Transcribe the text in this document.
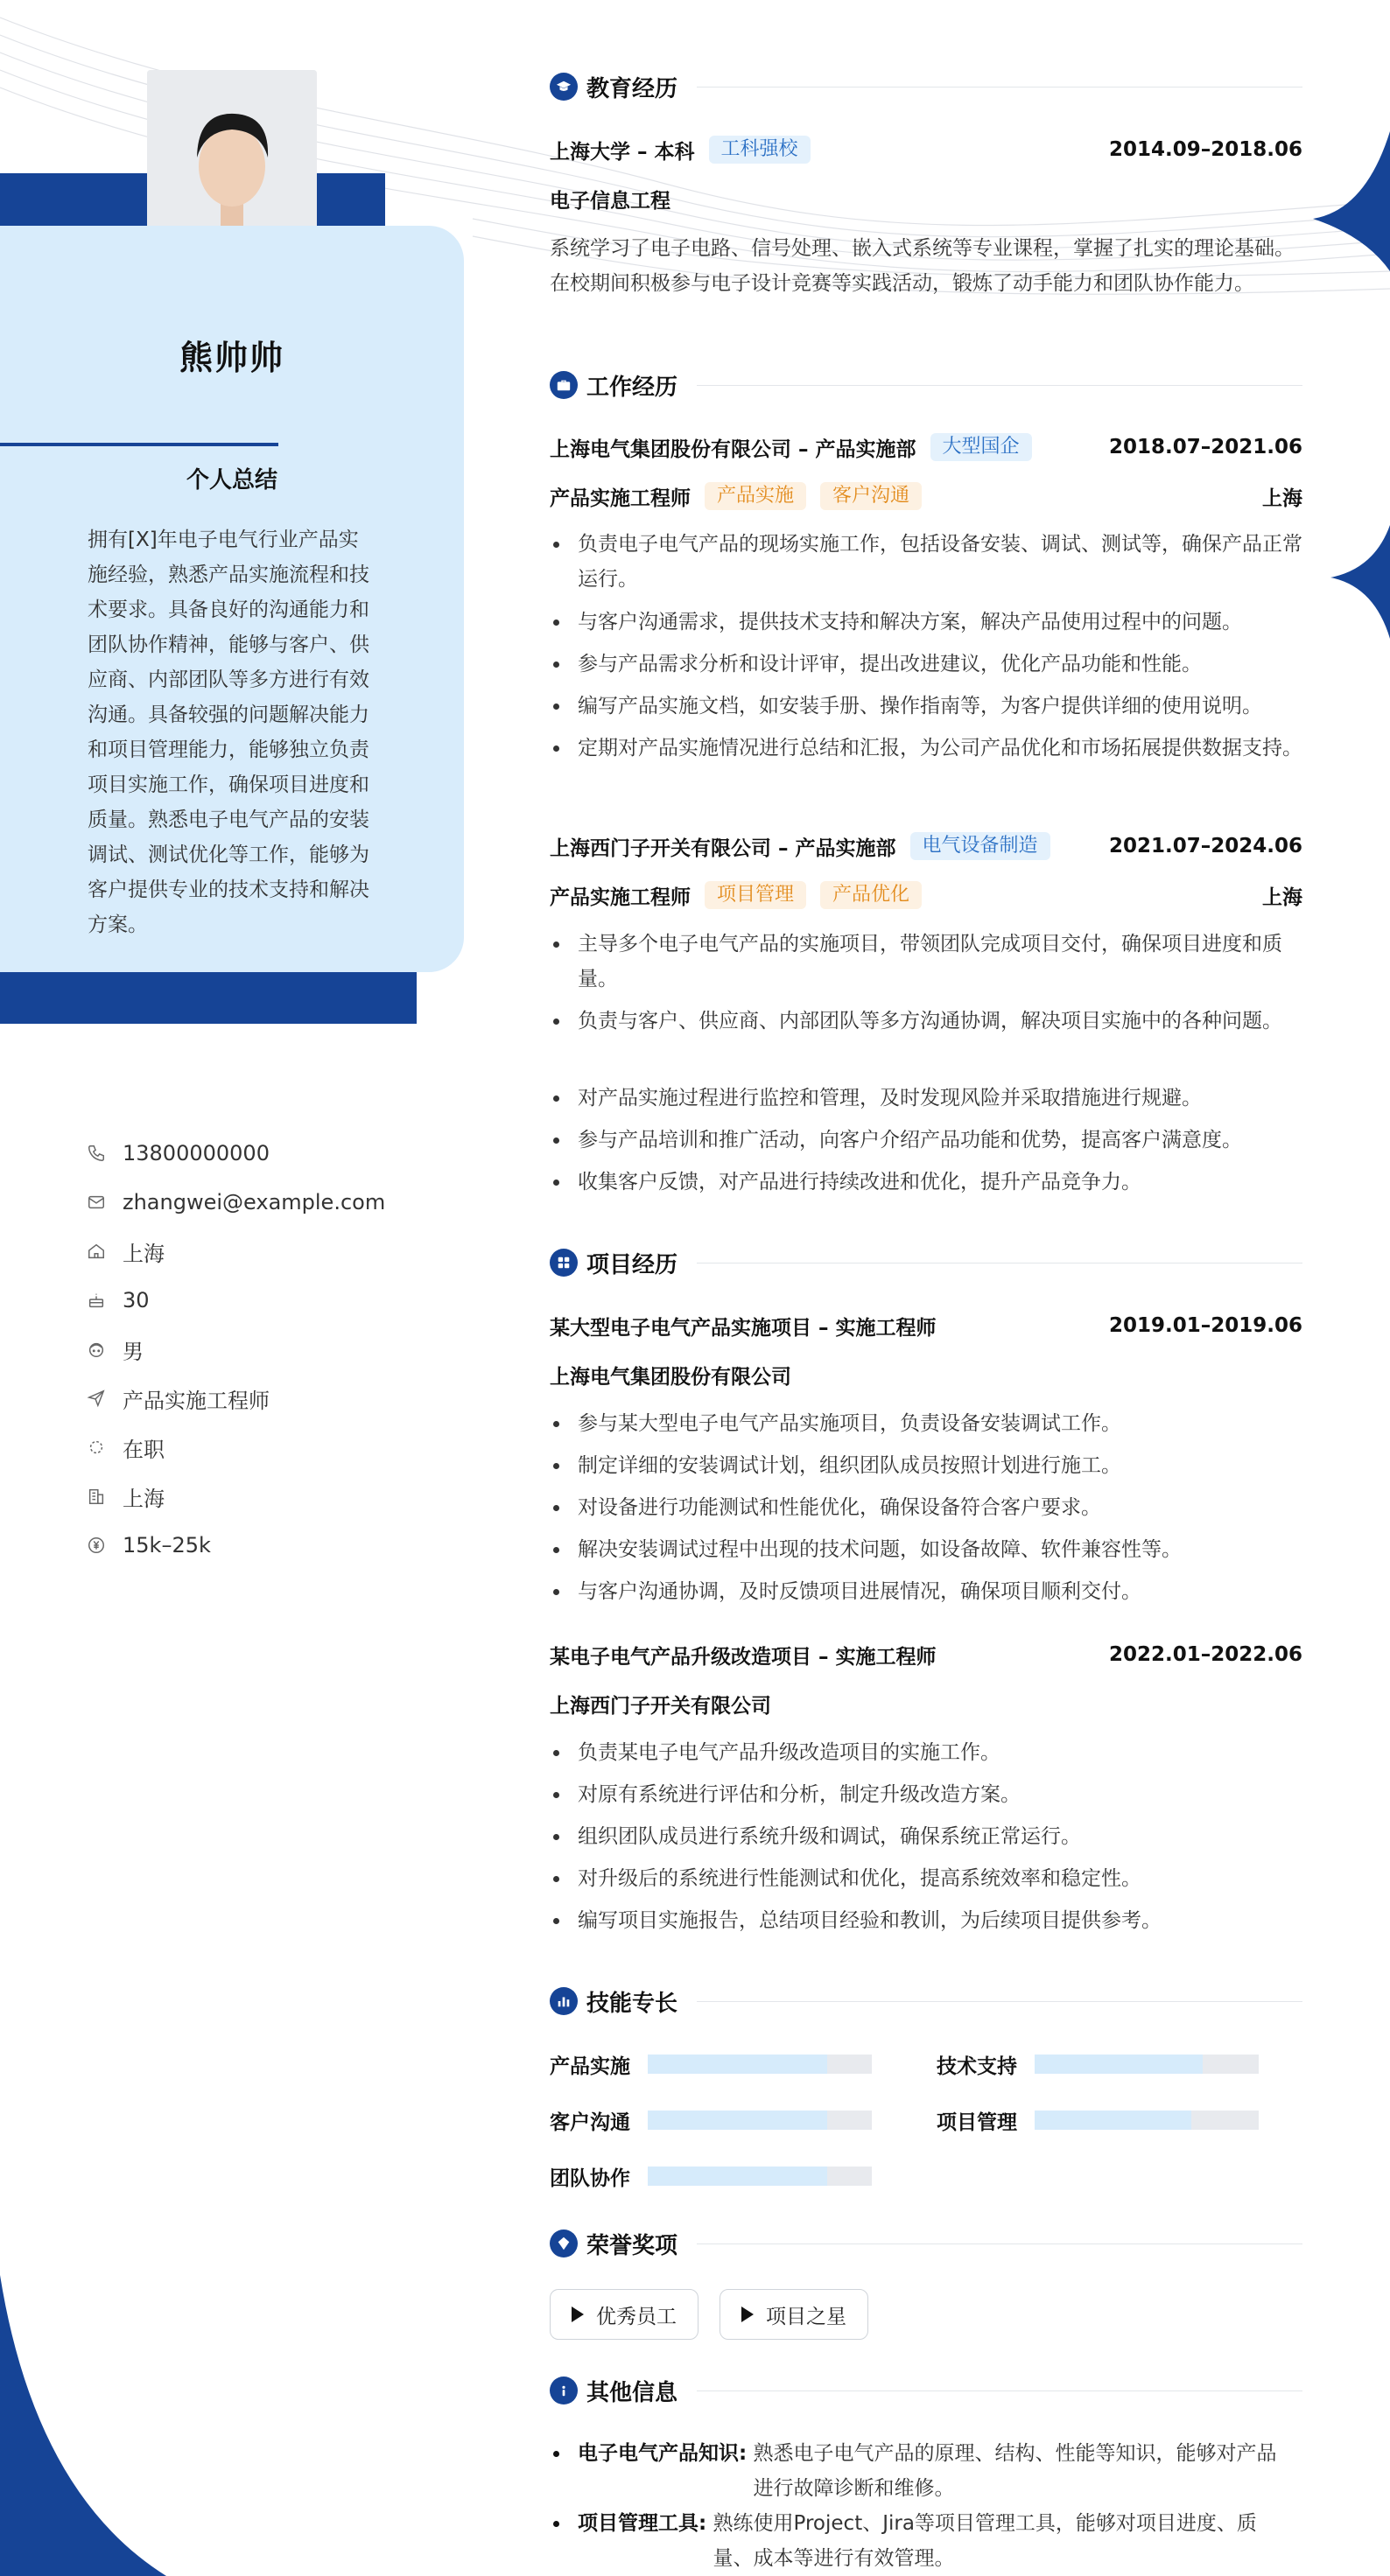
熊帅帅
个人总结
拥有[X]年电子电气行业产品实施经验，熟悉产品实施流程和技术要求。具备良好的沟通能力和团队协作精神，能够与客户、供应商、内部团队等多方进行有效沟通。具备较强的问题解决能力和项目管理能力，能够独立负责项目实施工作，确保项目进度和质量。熟悉电子电气产品的安装调试、测试优化等工作，能够为客户提供专业的技术支持和解决方案。
13800000000
zhangwei@example.com
上海
30
男
产品实施工程师
在职
上海
15k–25k
教育经历
上海大学 – 本科	工科强校	2014.09–2018.06
电子信息工程
系统学习了电子电路、信号处理、嵌入式系统等专业课程，掌握了扎实的理论基础。在校期间积极参与电子设计竞赛等实践活动，锻炼了动手能力和团队协作能力。
工作经历
上海电气集团股份有限公司 – 产品实施部	大型国企	2018.07–2021.06
产品实施工程师	产品实施	客户沟通	上海
负责电子电气产品的现场实施工作，包括设备安装、调试、测试等，确保产品正常运行。
与客户沟通需求，提供技术支持和解决方案，解决产品使用过程中的问题。
参与产品需求分析和设计评审，提出改进建议，优化产品功能和性能。
编写产品实施文档，如安装手册、操作指南等，为客户提供详细的使用说明。
定期对产品实施情况进行总结和汇报，为公司产品优化和市场拓展提供数据支持。
上海西门子开关有限公司 – 产品实施部	电气设备制造	2021.07–2024.06
产品实施工程师	项目管理	产品优化	上海
主导多个电子电气产品的实施项目，带领团队完成项目交付，确保项目进度和质量。
负责与客户、供应商、内部团队等多方沟通协调，解决项目实施中的各种问题。
对产品实施过程进行监控和管理，及时发现风险并采取措施进行规避。
参与产品培训和推广活动，向客户介绍产品功能和优势，提高客户满意度。
收集客户反馈，对产品进行持续改进和优化，提升产品竞争力。
项目经历
某大型电子电气产品实施项目 – 实施工程师	2019.01–2019.06
上海电气集团股份有限公司
参与某大型电子电气产品实施项目，负责设备安装调试工作。
制定详细的安装调试计划，组织团队成员按照计划进行施工。
对设备进行功能测试和性能优化，确保设备符合客户要求。
解决安装调试过程中出现的技术问题，如设备故障、软件兼容性等。
与客户沟通协调，及时反馈项目进展情况，确保项目顺利交付。
某电子电气产品升级改造项目 – 实施工程师	2022.01–2022.06
上海西门子开关有限公司
负责某电子电气产品升级改造项目的实施工作。
对原有系统进行评估和分析，制定升级改造方案。
组织团队成员进行系统升级和调试，确保系统正常运行。
对升级后的系统进行性能测试和优化，提高系统效率和稳定性。
编写项目实施报告，总结项目经验和教训，为后续项目提供参考。
技能专长
产品实施	技术支持
客户沟通	项目管理
团队协作
荣誉奖项
优秀员工	项目之星
其他信息
电子电气产品知识: 熟悉电子电气产品的原理、结构、性能等知识，能够对产品进行故障诊断和维修。
项目管理工具: 熟练使用Project、Jira等项目管理工具，能够对项目进度、质量、成本等进行有效管理。
